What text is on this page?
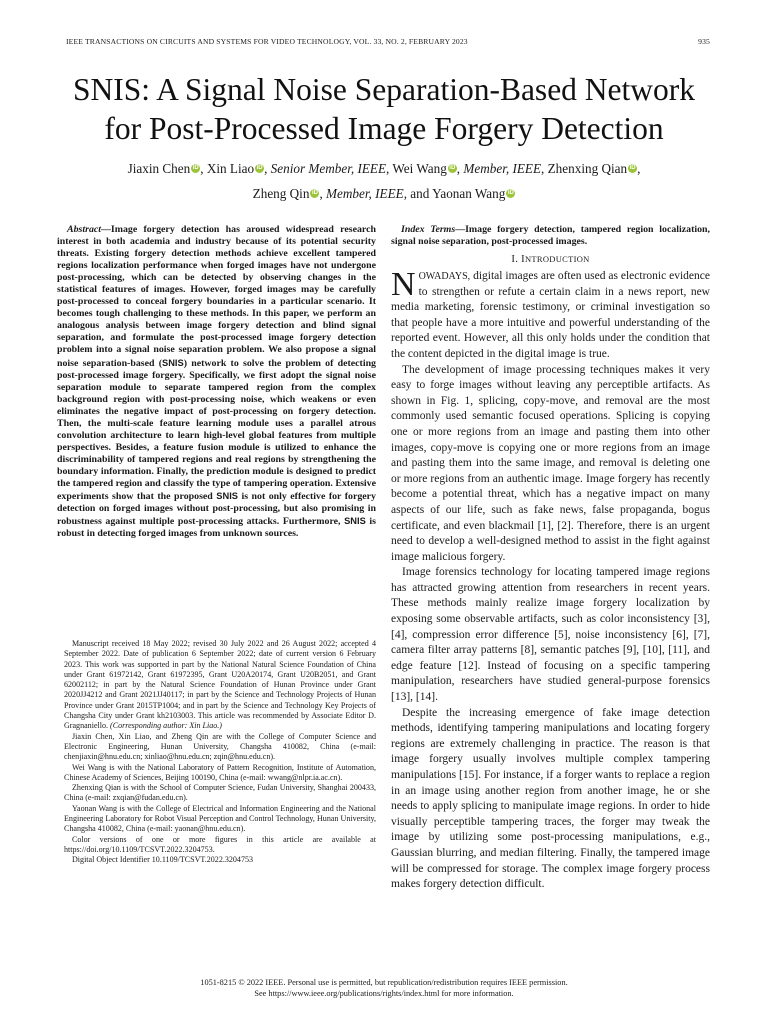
IEEE TRANSACTIONS ON CIRCUITS AND SYSTEMS FOR VIDEO TECHNOLOGY, VOL. 33, NO. 2, FEBRUARY 2023	935
SNIS: A Signal Noise Separation-Based Network
for Post-Processed Image Forgery Detection
Jiaxin Chen iD , Xin Liao iD , Senior Member, IEEE, Wei Wang iD , Member, IEEE, Zhenxing Qian iD ,
Zheng Qin iD , Member, IEEE, and Yaonan Wang iD

Abstract—Image forgery detection has aroused widespread research interest in both academia and industry because of its potential security threats. Existing forgery detection methods achieve excellent tampered regions localization performance when forged images have not undergone post-processing, which can be detected by observing changes in the statistical features of images. However, forged images may be carefully post-processed to conceal forgery boundaries in a particular scenario. It becomes tough challenging to these methods. In this paper, we perform an analogous analysis between image forgery detection and blind signal separation, and formulate the post-processed image forgery detection problem into a signal noise separation problem. We also propose a signal noise separation-based (SNIS) network to solve the problem of detecting post-processed image forgery. Specifically, we first adopt the signal noise separation module to separate tampered region from the complex background region with post-processing noise, which weakens or even eliminates the negative impact of post-processing on forgery detection. Then, the multi-scale feature learning module uses a parallel atrous convolution architecture to learn high-level global features from multiple perspectives. Besides, a feature fusion module is utilized to enhance the discriminability of tampered regions and real regions by strengthening the boundary information. Finally, the prediction module is designed to predict the tampered region and classify the type of tampering operation. Extensive experiments show that the proposed SNIS is not only effective for forgery detection on forged images without post-processing, but also promising in robustness against multiple post-processing attacks. Furthermore, SNIS is robust in detecting forged images from unknown sources.

Manuscript received 18 May 2022; revised 30 July 2022 and 26 August 2022; accepted 4 September 2022. Date of publication 6 September 2022; date of current version 6 February 2023. This work was supported in part by the National Natural Science Foundation of China under Grant 61972142, Grant 61972395, Grant U20A20174, Grant U20B2051, and Grant 62002112; in part by the Natural Science Foundation of Hunan Province under Grant 2020JJ4212 and Grant 2021JJ40117; in part by the Science and Technology Projects of Hunan Province under Grant 2015TP1004; and in part by the Science and Technology Key Projects of Changsha City under Grant kh2103003. This article was recommended by Associate Editor D. Gragnaniello. (Corresponding author: Xin Liao.)

Jiaxin Chen, Xin Liao, and Zheng Qin are with the College of Computer Science and Electronic Engineering, Hunan University, Changsha 410082, China (e-mail: chenjiaxin@hnu.edu.cn; xinliao@hnu.edu.cn; zqin@hnu.edu.cn).

Wei Wang is with the National Laboratory of Pattern Recognition, Institute of Automation, Chinese Academy of Sciences, Beijing 100190, China (e-mail: wwang@nlpr.ia.ac.cn).

Zhenxing Qian is with the School of Computer Science, Fudan University, Shanghai 200433, China (e-mail: zxqian@fudan.edu.cn).

Yaonan Wang is with the College of Electrical and Information Engineering and the National Engineering Laboratory for Robot Visual Perception and Control Technology, Hunan University, Changsha 410082, China (e-mail: yaonan@hnu.edu.cn).

Color versions of one or more figures in this article are available at https://doi.org/10.1109/TCSVT.2022.3204753.

Digital Object Identifier 10.1109/TCSVT.2022.3204753

Index Terms—Image forgery detection, tampered region localization, signal noise separation, post-processed images.

I. INTRODUCTION

NOWADAYS, digital images are often used as electronic evidence to strengthen or refute a certain claim in a news report, new media marketing, forensic testimony, or criminal investigation so that people have a more intuitive and powerful understanding of the reported event. However, all this only holds under the condition that the content depicted in the digital image is true.

The development of image processing techniques makes it very easy to forge images without leaving any perceptible artifacts. As shown in Fig. 1, splicing, copy-move, and removal are the most commonly used semantic focused operations. Splicing is copying one or more regions from an image and pasting them into other images, copy-move is copying one or more regions from an image and pasting them into the same image, and removal is deleting one or more regions from an authentic image. Image forgery has recently become a potential threat, which has a negative impact on many aspects of our life, such as fake news, false propaganda, bogus certificate, and even blackmail [1], [2]. Therefore, there is an urgent need to develop a well-designed method to assist in the fight against image malicious forgery.

Image forensics technology for locating tampered image regions has attracted growing attention from researchers in recent years. These methods mainly realize image forgery localization by exposing some observable artifacts, such as color inconsistency [3], [4], compression error difference [5], noise inconsistency [6], [7], camera filter array patterns [8], semantic patches [9], [10], [11], and edge feature [12]. Instead of focusing on a specific tampering manipulation, researchers have studied general-purpose forensics [13], [14].

Despite the increasing emergence of fake image detection methods, identifying tampering manipulations and locating forgery regions are extremely challenging in practice. The reason is that image forgery usually involves multiple complex tampering manipulations [15]. For instance, if a forger wants to replace a region in an image using another region from another image, he or she needs to apply splicing to manipulate image regions. In order to hide visually perceptible tampering traces, the forger may tweak the image by utilizing some post-processing manipulations, e.g., Gaussian blurring, and median filtering. Finally, the tampered image will be compressed for storage. The complex image forgery process makes forgery detection difficult.

1051-8215 © 2022 IEEE. Personal use is permitted, but republication/redistribution requires IEEE permission.
See https://www.ieee.org/publications/rights/index.html for more information.
